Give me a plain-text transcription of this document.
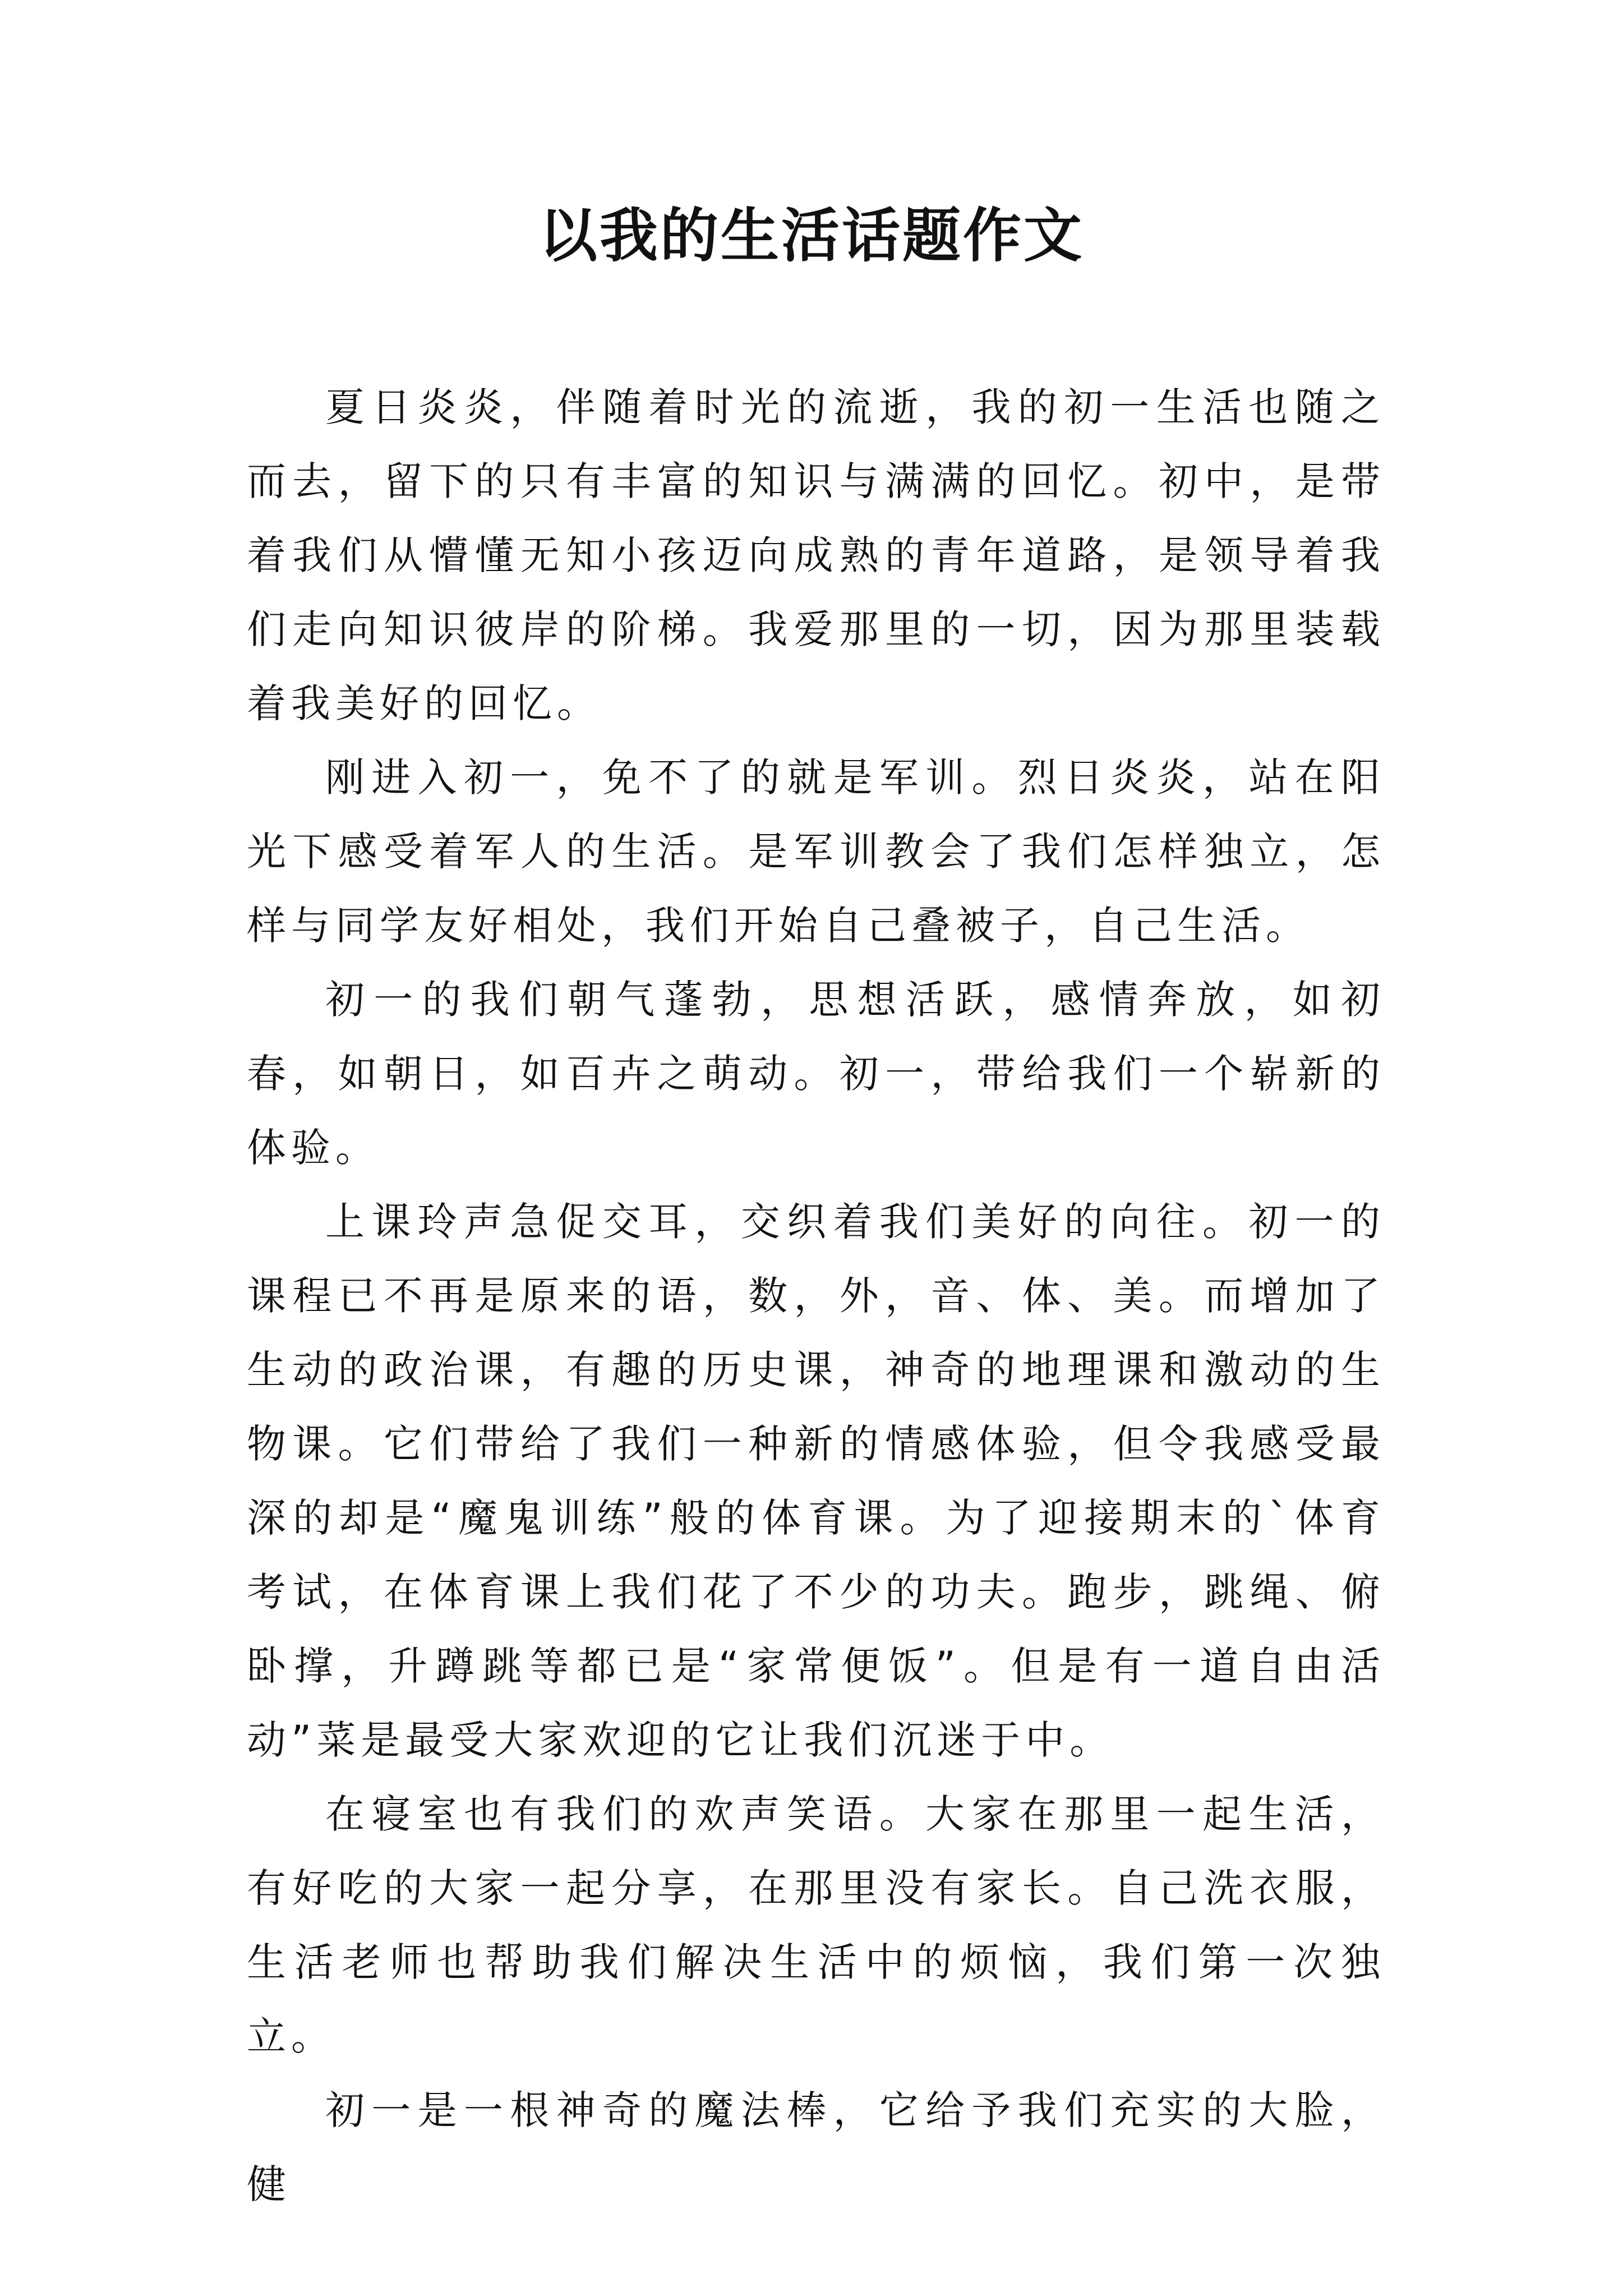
以我的生活话题作文

夏日炎炎，伴随着时光的流逝，我的初一生活也随之而去，留下的只有丰富的知识与满满的回忆。初中，是带着我们从懵懂无知小孩迈向成熟的青年道路，是领导着我们走向知识彼岸的阶梯。我爱那里的一切，因为那里装载着我美好的回忆。

刚进入初一，免不了的就是军训。烈日炎炎，站在阳光下感受着军人的生活。是军训教会了我们怎样独立，怎样与同学友好相处，我们开始自己叠被子，自己生活。

初一的我们朝气蓬勃，思想活跃，感情奔放，如初春，如朝日，如百卉之萌动。初一，带给我们一个崭新的体验。

上课玲声急促交耳，交织着我们美好的向往。初一的课程已不再是原来的语，数，外，音、体、美。而增加了生动的政治课，有趣的历史课，神奇的地理课和激动的生物课。它们带给了我们一种新的情感体验，但令我感受最深的却是“魔鬼训练”般的体育课。为了迎接期末的`体育考试，在体育课上我们花了不少的功夫。跑步，跳绳、俯卧撑，升蹲跳等都已是“家常便饭”。但是有一道自由活动”菜是最受大家欢迎的它让我们沉迷于中。

在寝室也有我们的欢声笑语。大家在那里一起生活，有好吃的大家一起分享，在那里没有家长。自己洗衣服，生活老师也帮助我们解决生活中的烦恼，我们第一次独立。

初一是一根神奇的魔法棒，它给予我们充实的大脸，健
